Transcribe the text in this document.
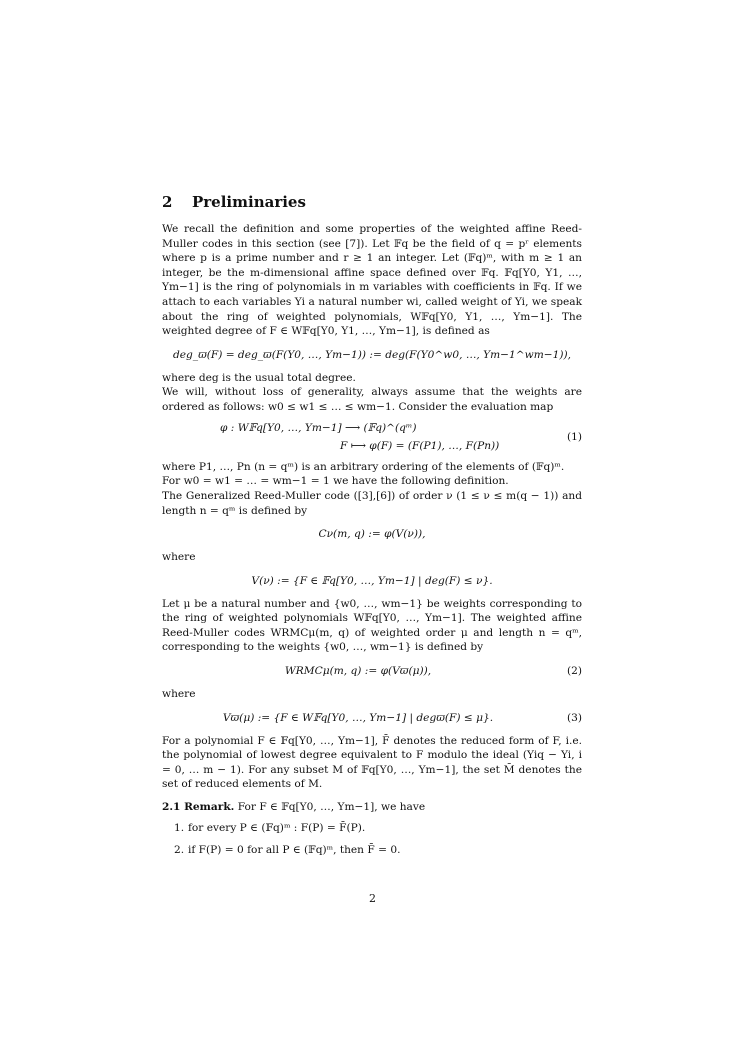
2 Preliminaries

We recall the definition and some properties of the weighted affine Reed-Muller codes in this section (see [7]). Let 𝔽q be the field of q = pʳ elements where p is a prime number and r ≥ 1 an integer. Let (𝔽q)ᵐ, with m ≥ 1 an integer, be the m-dimensional affine space defined over 𝔽q. 𝔽q[Y0, Y1, …, Ym−1] is the ring of polynomials in m variables with coefficients in 𝔽q. If we attach to each variables Yi a natural number wi, called weight of Yi, we speak about the ring of weighted polynomials, W𝔽q[Y0, Y1, …, Ym−1]. The weighted degree of F ∈ W𝔽q[Y0, Y1, …, Ym−1], is defined as

deg_ϖ(F) = deg_ϖ(F(Y0, …, Ym−1)) := deg(F(Y0^w0, …, Ym−1^wm−1)),

where deg is the usual total degree.

We will, without loss of generality, always assume that the weights are ordered as follows: w0 ≤ w1 ≤ … ≤ wm−1. Consider the evaluation map

φ : W𝔽q[Y0, …, Ym−1] ⟶ (𝔽q)^(qᵐ)
F ⟼ φ(F) = (F(P1), …, F(Pn))
(1)

where P1, …, Pn (n = qᵐ) is an arbitrary ordering of the elements of (𝔽q)ᵐ.

For w0 = w1 = … = wm−1 = 1 we have the following definition.

The Generalized Reed-Muller code ([3],[6]) of order ν (1 ≤ ν ≤ m(q − 1)) and length n = qᵐ is defined by

Cν(m, q) := φ(V(ν)),

where

V(ν) := {F ∈ 𝔽q[Y0, …, Ym−1] | deg(F) ≤ ν}.

Let μ be a natural number and {w0, …, wm−1} be weights corresponding to the ring of weighted polynomials W𝔽q[Y0, …, Ym−1]. The weighted affine Reed-Muller codes WRMCμ(m, q) of weighted order μ and length n = qᵐ, corresponding to the weights {w0, …, wm−1} is defined by

WRMCμ(m, q) := φ(Vϖ(μ)),	(2)

where

Vϖ(μ) := {F ∈ W𝔽q[Y0, …, Ym−1] | degϖ(F) ≤ μ}.	(3)

For a polynomial F ∈ 𝔽q[Y0, …, Ym−1], F̄ denotes the reduced form of F, i.e. the polynomial of lowest degree equivalent to F modulo the ideal (Yiq − Yi, i = 0, … m − 1). For any subset M of 𝔽q[Y0, …, Ym−1], the set M̄ denotes the set of reduced elements of M.

2.1 Remark. For F ∈ 𝔽q[Y0, …, Ym−1], we have

1. for every P ∈ (𝔽q)ᵐ : F(P) = F̄(P).
2. if F(P) = 0 for all P ∈ (𝔽q)ᵐ, then F̄ = 0.
2
